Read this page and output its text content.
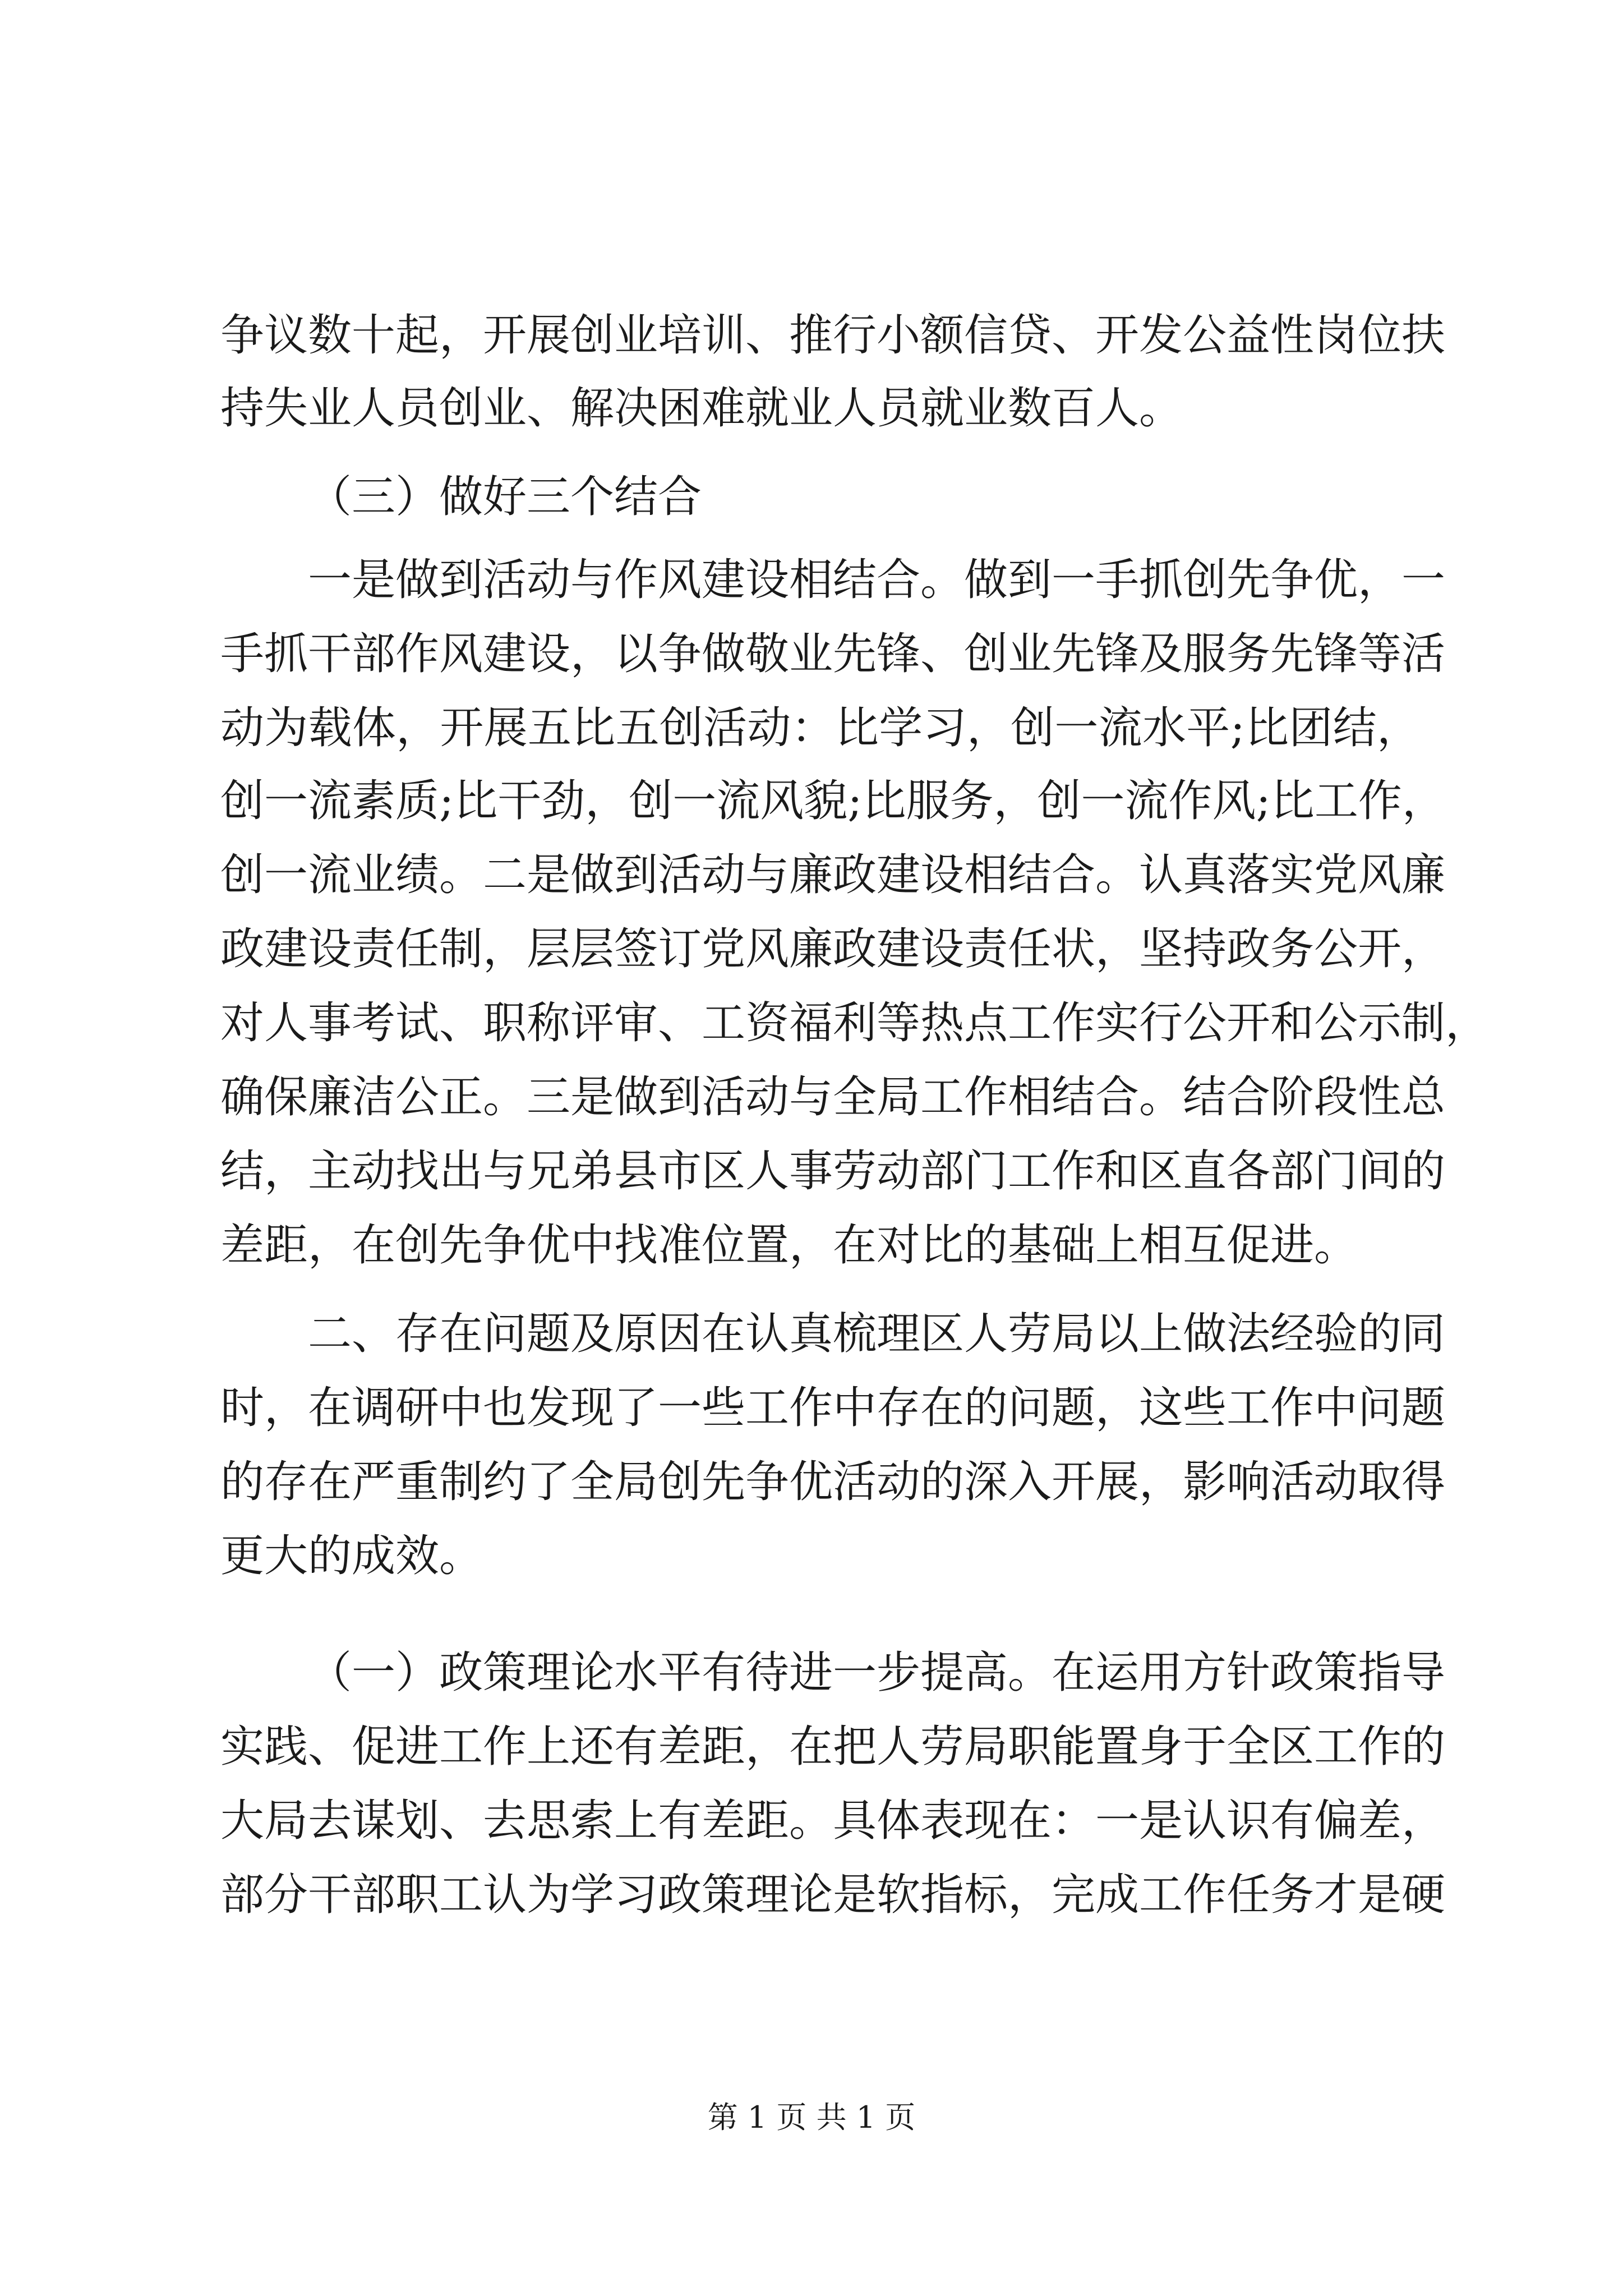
争议数十起，开展创业培训、推行小额信贷、开发公益性岗位扶
持失业人员创业、解决困难就业人员就业数百人。
（三）做好三个结合
一是做到活动与作风建设相结合。做到一手抓创先争优，一
手抓干部作风建设，以争做敬业先锋、创业先锋及服务先锋等活
动为载体，开展五比五创活动：比学习，创一流水平;比团结，
创一流素质;比干劲，创一流风貌;比服务，创一流作风;比工作，
创一流业绩。二是做到活动与廉政建设相结合。认真落实党风廉
政建设责任制，层层签订党风廉政建设责任状，坚持政务公开，
对人事考试、职称评审、工资福利等热点工作实行公开和公示制，
确保廉洁公正。三是做到活动与全局工作相结合。结合阶段性总
结，主动找出与兄弟县市区人事劳动部门工作和区直各部门间的
差距，在创先争优中找准位置，在对比的基础上相互促进。
二、存在问题及原因在认真梳理区人劳局以上做法经验的同
时，在调研中也发现了一些工作中存在的问题，这些工作中问题
的存在严重制约了全局创先争优活动的深入开展，影响活动取得
更大的成效。
（一）政策理论水平有待进一步提高。在运用方针政策指导
实践、促进工作上还有差距，在把人劳局职能置身于全区工作的
大局去谋划、去思索上有差距。具体表现在：一是认识有偏差，
部分干部职工认为学习政策理论是软指标，完成工作任务才是硬
第 1 页 共 1 页
